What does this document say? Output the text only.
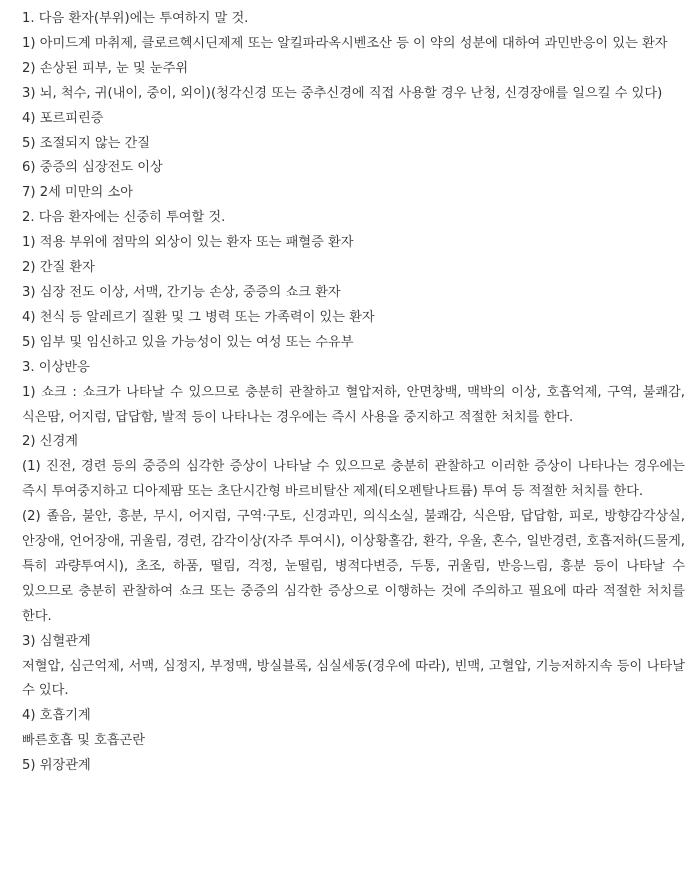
1. 다음 환자(부위)에는 투여하지 말 것.

1) 아미드계 마취제, 클로르헥시딘제제 또는 알킬파라옥시벤조산 등 이 약의 성분에 대하여 과민반응이 있는 환자

2) 손상된 피부, 눈 및 눈주위

3) 뇌, 척수, 귀(내이, 중이, 외이)(청각신경 또는 중추신경에 직접 사용할 경우 난청, 신경장애를 일으킬 수 있다)

4) 포르피린증

5) 조절되지 않는 간질

6) 중증의 심장전도 이상

7) 2세 미만의 소아

2. 다음 환자에는 신중히 투여할 것.

1) 적용 부위에 점막의 외상이 있는 환자 또는 패혈증 환자

2) 간질 환자

3) 심장 전도 이상, 서맥, 간기능 손상, 중증의 쇼크 환자

4) 천식 등 알레르기 질환 및 그 병력 또는 가족력이 있는 환자

5) 임부 및 임신하고 있을 가능성이 있는 여성 또는 수유부

3. 이상반응

1) 쇼크 : 쇼크가 나타날 수 있으므로 충분히 관찰하고 혈압저하, 안면창백, 맥박의 이상, 호흡억제, 구역, 불쾌감, 식은땀, 어지럼, 답답함, 발적 등이 나타나는 경우에는 즉시 사용을 중지하고 적절한 처치를 한다.

2) 신경계

(1) 진전, 경련 등의 중증의 심각한 증상이 나타날 수 있으므로 충분히 관찰하고 이러한 증상이 나타나는 경우에는 즉시 투여중지하고 디아제팜 또는 초단시간형 바르비탈산 제제(티오펜탈나트륨) 투여 등 적절한 처치를 한다.

(2) 졸음, 불안, 흥분, 무시, 어지럼, 구역·구토, 신경과민, 의식소실, 불쾌감, 식은땀, 답답함, 피로, 방향감각상실, 안장애, 언어장애, 귀울림, 경련, 감각이상(자주 투여시), 이상황홀감, 환각, 우울, 혼수, 일반경련, 호흡저하(드물게, 특히 과량투여시), 초조, 하품, 떨림, 걱정, 눈떨림, 병적다변증, 두통, 귀울림, 반응느림, 흥분 등이 나타날 수 있으므로 충분히 관찰하여 쇼크 또는 중증의 심각한 증상으로 이행하는 것에 주의하고 필요에 따라 적절한 처치를 한다.

3) 심혈관계

저혈압, 심근억제, 서맥, 심정지, 부정맥, 방실블록, 심실세동(경우에 따라), 빈맥, 고혈압, 기능저하지속 등이 나타날 수 있다.

4) 호흡기계

빠른호흡 및 호흡곤란

5) 위장관계
